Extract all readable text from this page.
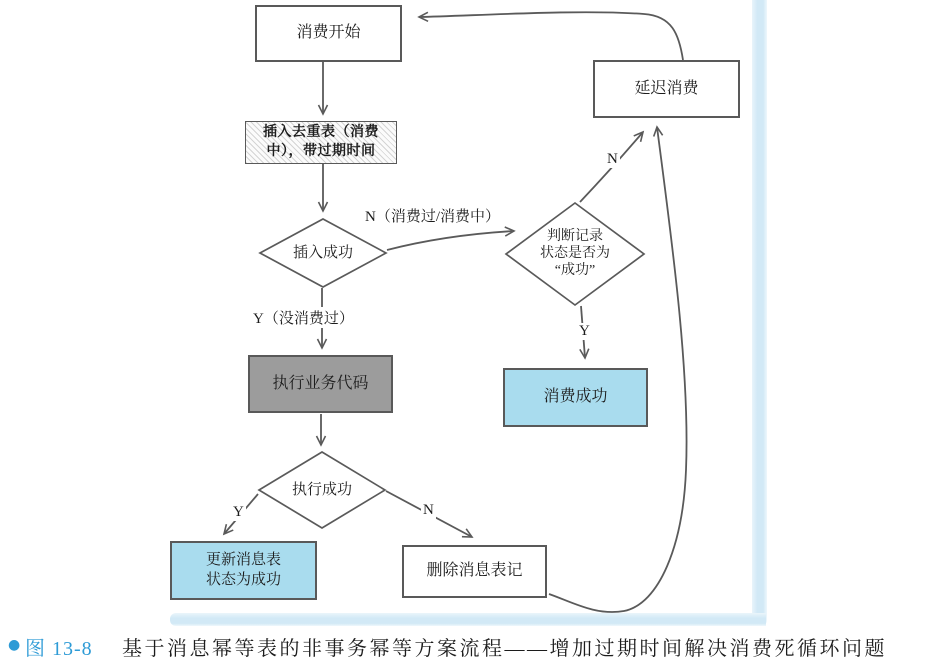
消费开始
插入去重表（消费
中），带过期时间
延迟消费
执行业务代码
消费成功
更新消息表
状态为成功
删除消息表记
插入成功
判断记录
状态是否为
“成功”
执行成功
N（消费过/消费中）
Y（没消费过）
N
Y
Y	N
● 图 13-8 基于消息幂等表的非事务幂等方案流程——增加过期时间解决消费死循环问题
